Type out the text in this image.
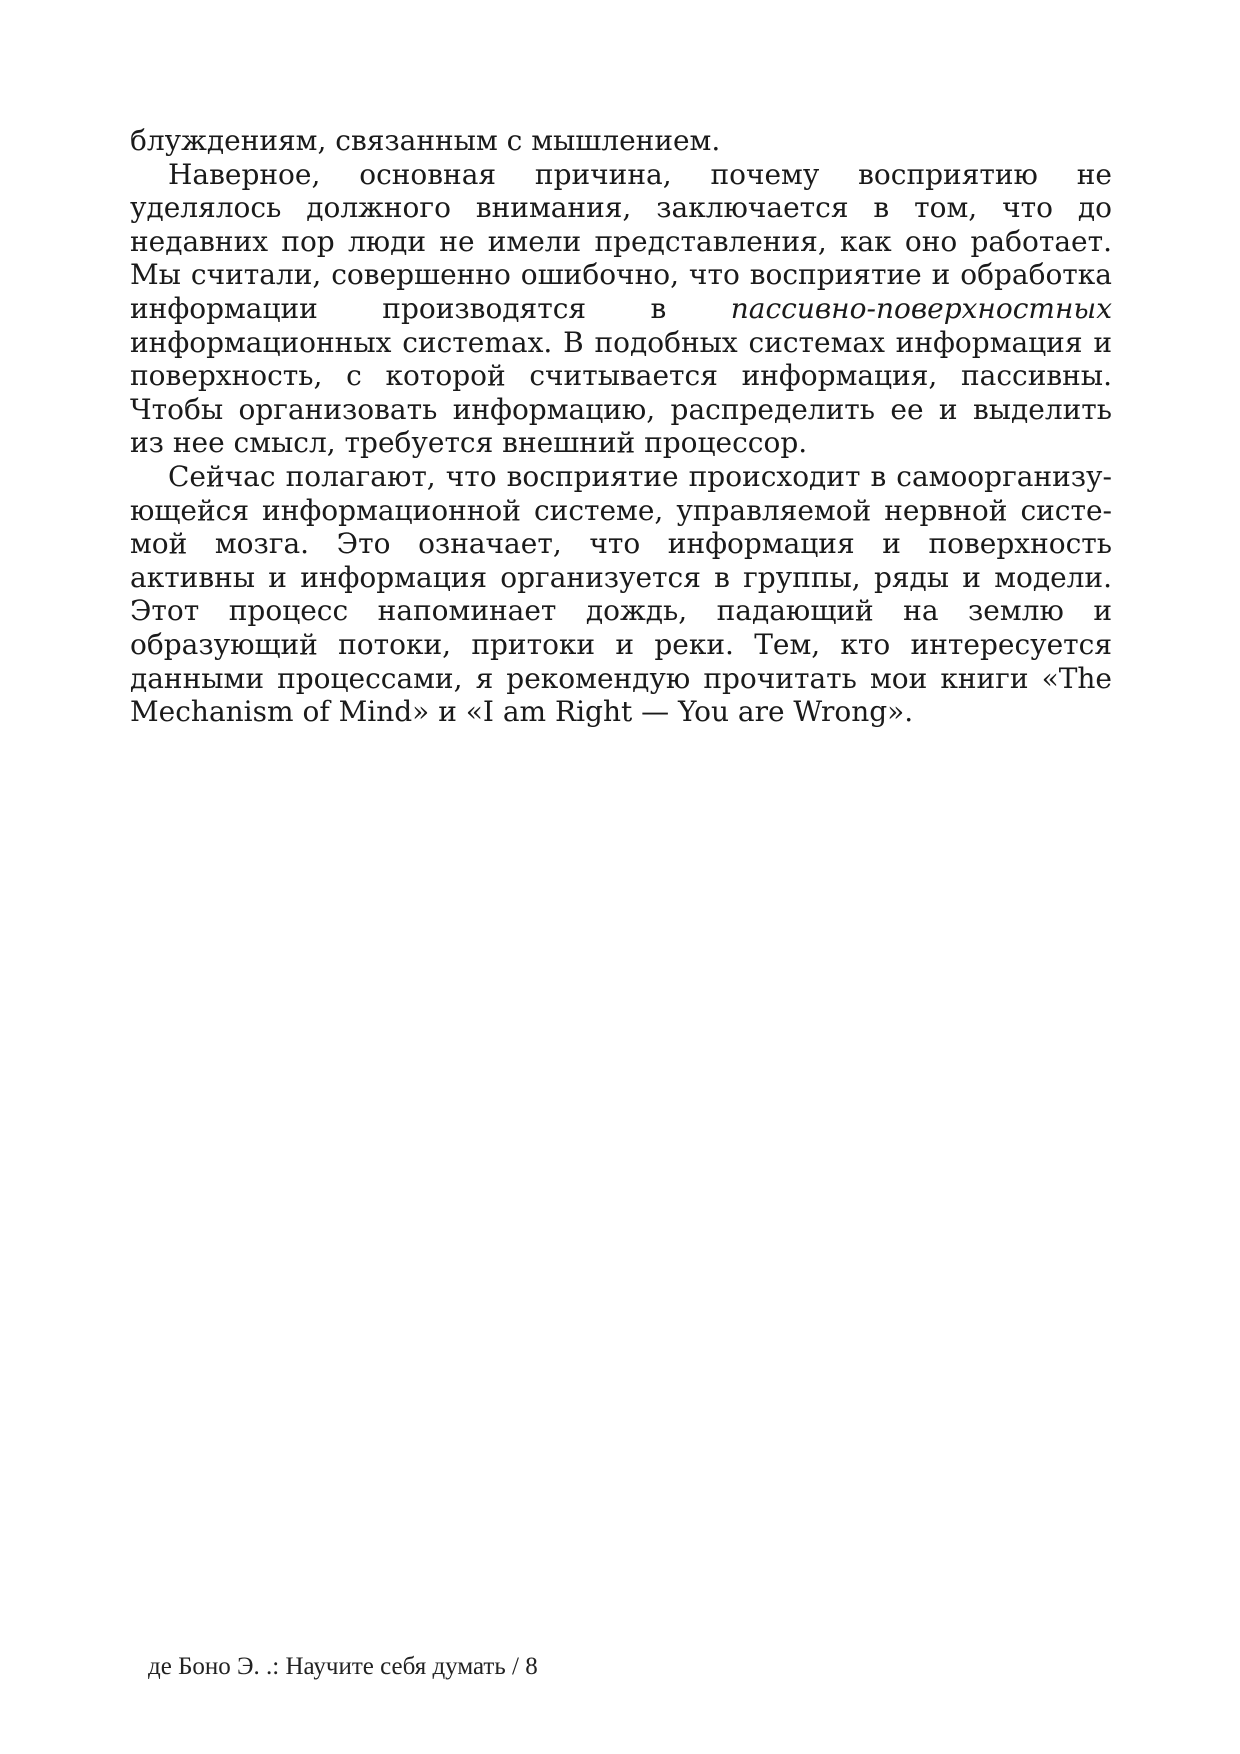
блуждениям, связанным с мышлением.

Наверное, основная причина, почему восприятию не уделялось должного внимания, заключается в том, что до недавних пор люди не имели представления, как оно работает. Мы считали, совершенно ошибочно, что восприятие и обработка информации производятся в пассивно-поверхностных информационных систеmах. В подобных системах информация и поверхность, с которой считывается информация, пассивны. Чтобы организовать информацию, распределить ее и выделить из нее смысл, требуется внешний процессор.

Сейчас полагают, что восприятие происходит в самоорганизующейся информационной системе, управляемой нервной системой мозга. Это означает, что информация и поверхность активны и информация организуется в группы, ряды и модели. Этот процесс напоминает дождь, падающий на землю и образующий потоки, притоки и реки. Тем, кто интересуется данными процессами, я рекомендую прочитать мои книги «The Mechanism of Mind» и «I am Right — You are Wrong».

де Боно Э. .: Научите себя думать / 8
